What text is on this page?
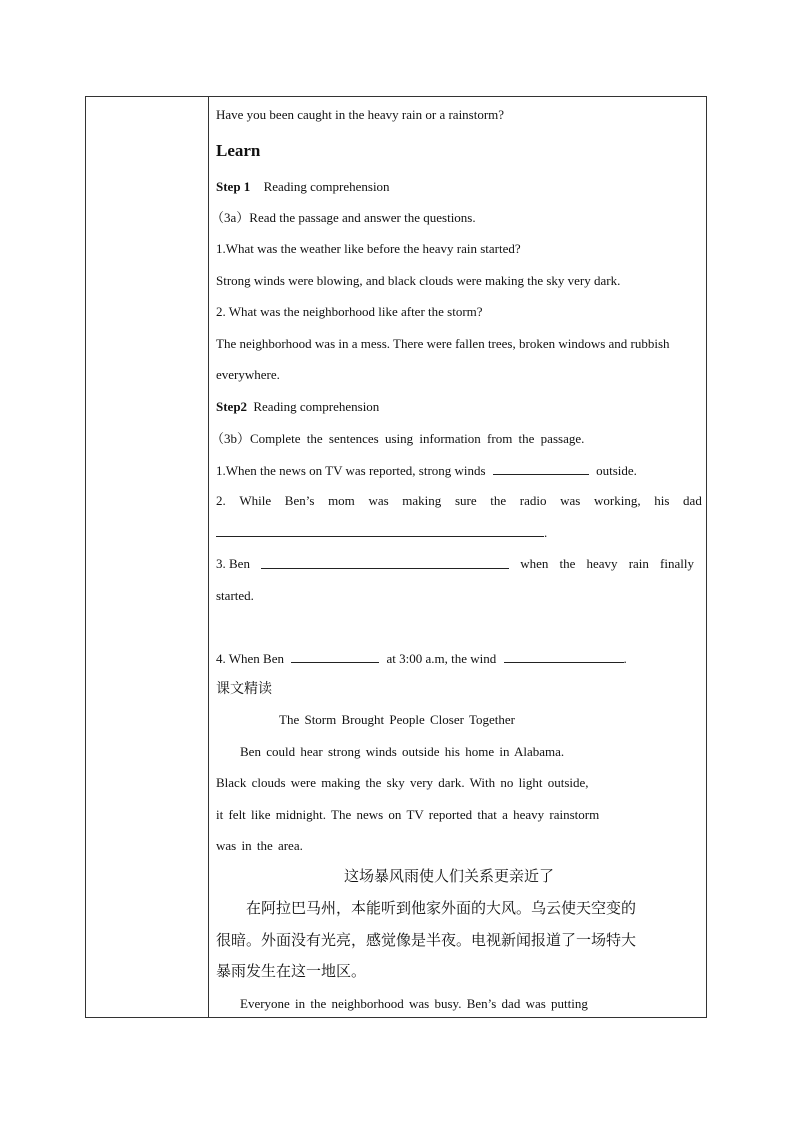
Have you been caught in the heavy rain or a rainstorm?
Learn
Step 1 Reading comprehension
（3a）Read the passage and answer the questions.
1.What was the weather like before the heavy rain started?
Strong winds were blowing, and black clouds were making the sky very dark.
2. What was the neighborhood like after the storm?
The neighborhood was in a mess. There were fallen trees, broken windows and rubbish
everywhere.
Step2 Reading comprehension
（3b）Complete the sentences using information from the passage.
1.When the news on TV was reported, strong winds	outside.
2. While Ben’s mom was making sure the radio was working, his dad
.
3. Ben	when the heavy rain finally
started.
4. When Ben	at 3:00 a.m, the wind	.
课文精读
The Storm Brought People Closer Together
Ben could hear strong winds outside his home in Alabama.
Black clouds were making the sky very dark. With no light outside,
it felt like midnight. The news on TV reported that a heavy rainstorm
was in the area.
这场暴风雨使人们关系更亲近了
在阿拉巴马州，本能听到他家外面的大风。乌云使天空变的
很暗。外面没有光亮，感觉像是半夜。电视新闻报道了一场特大
暴雨发生在这一地区。
Everyone in the neighborhood was busy. Ben’s dad was putting
